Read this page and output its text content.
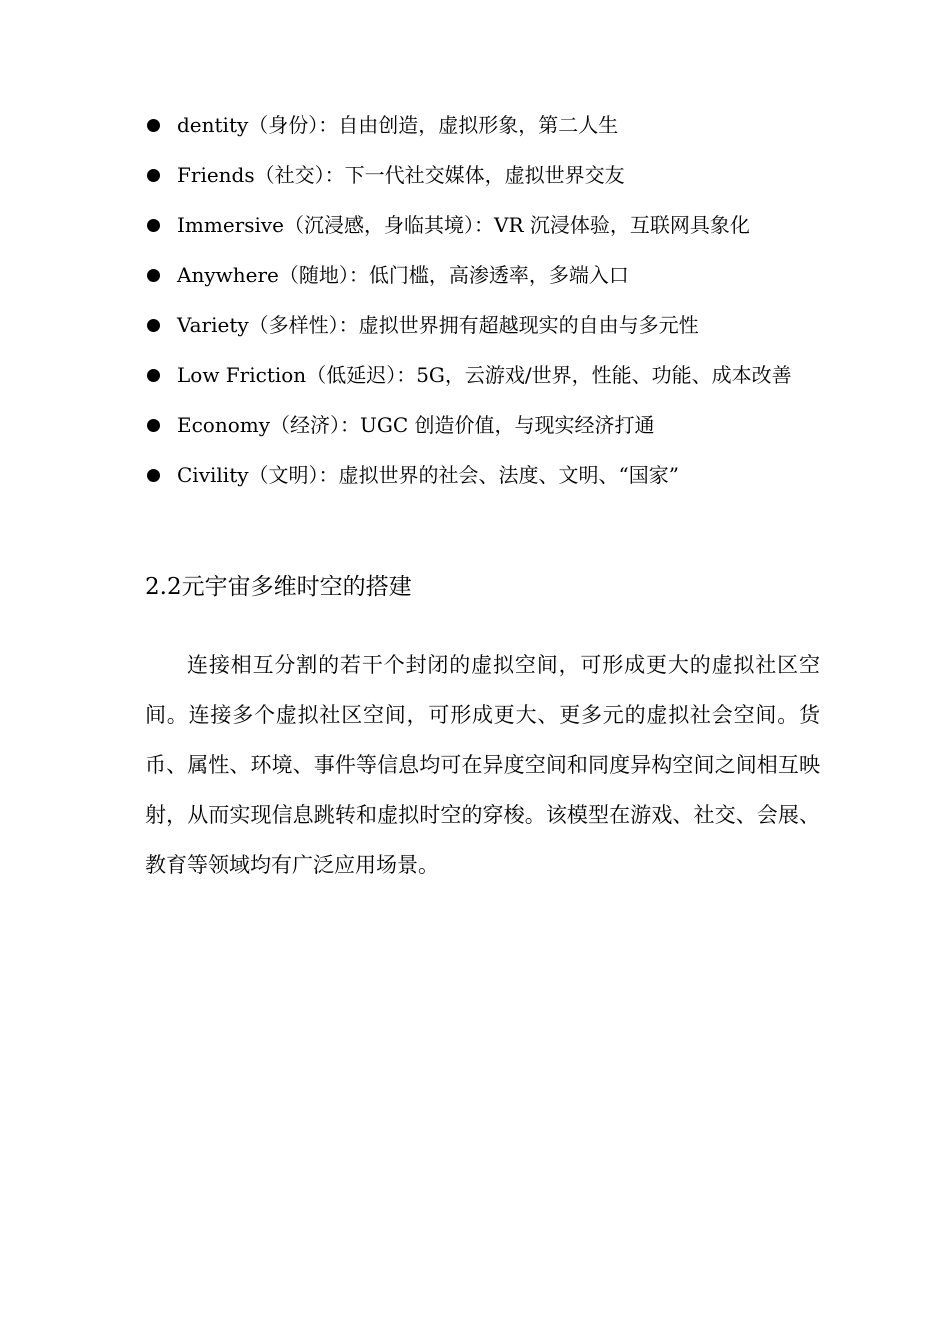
dentity（身份）：自由创造，虚拟形象，第二人生
Friends（社交）：下一代社交媒体，虚拟世界交友
Immersive（沉浸感，身临其境）：VR 沉浸体验，互联网具象化
Anywhere（随地）：低门槛，高渗透率，多端入口
Variety（多样性）：虚拟世界拥有超越现实的自由与多元性
Low Friction（低延迟）：5G，云游戏/世界，性能、功能、成本改善
Economy（经济）：UGC 创造价值，与现实经济打通
Civility（文明）：虚拟世界的社会、法度、文明、“国家”
2.2元宇宙多维时空的搭建

连接相互分割的若干个封闭的虚拟空间，可形成更大的虚拟社区空间。连接多个虚拟社区空间，可形成更大、更多元的虚拟社会空间。货币、属性、环境、事件等信息均可在异度空间和同度异构空间之间相互映射，从而实现信息跳转和虚拟时空的穿梭。该模型在游戏、社交、会展、教育等领域均有广泛应用场景。
